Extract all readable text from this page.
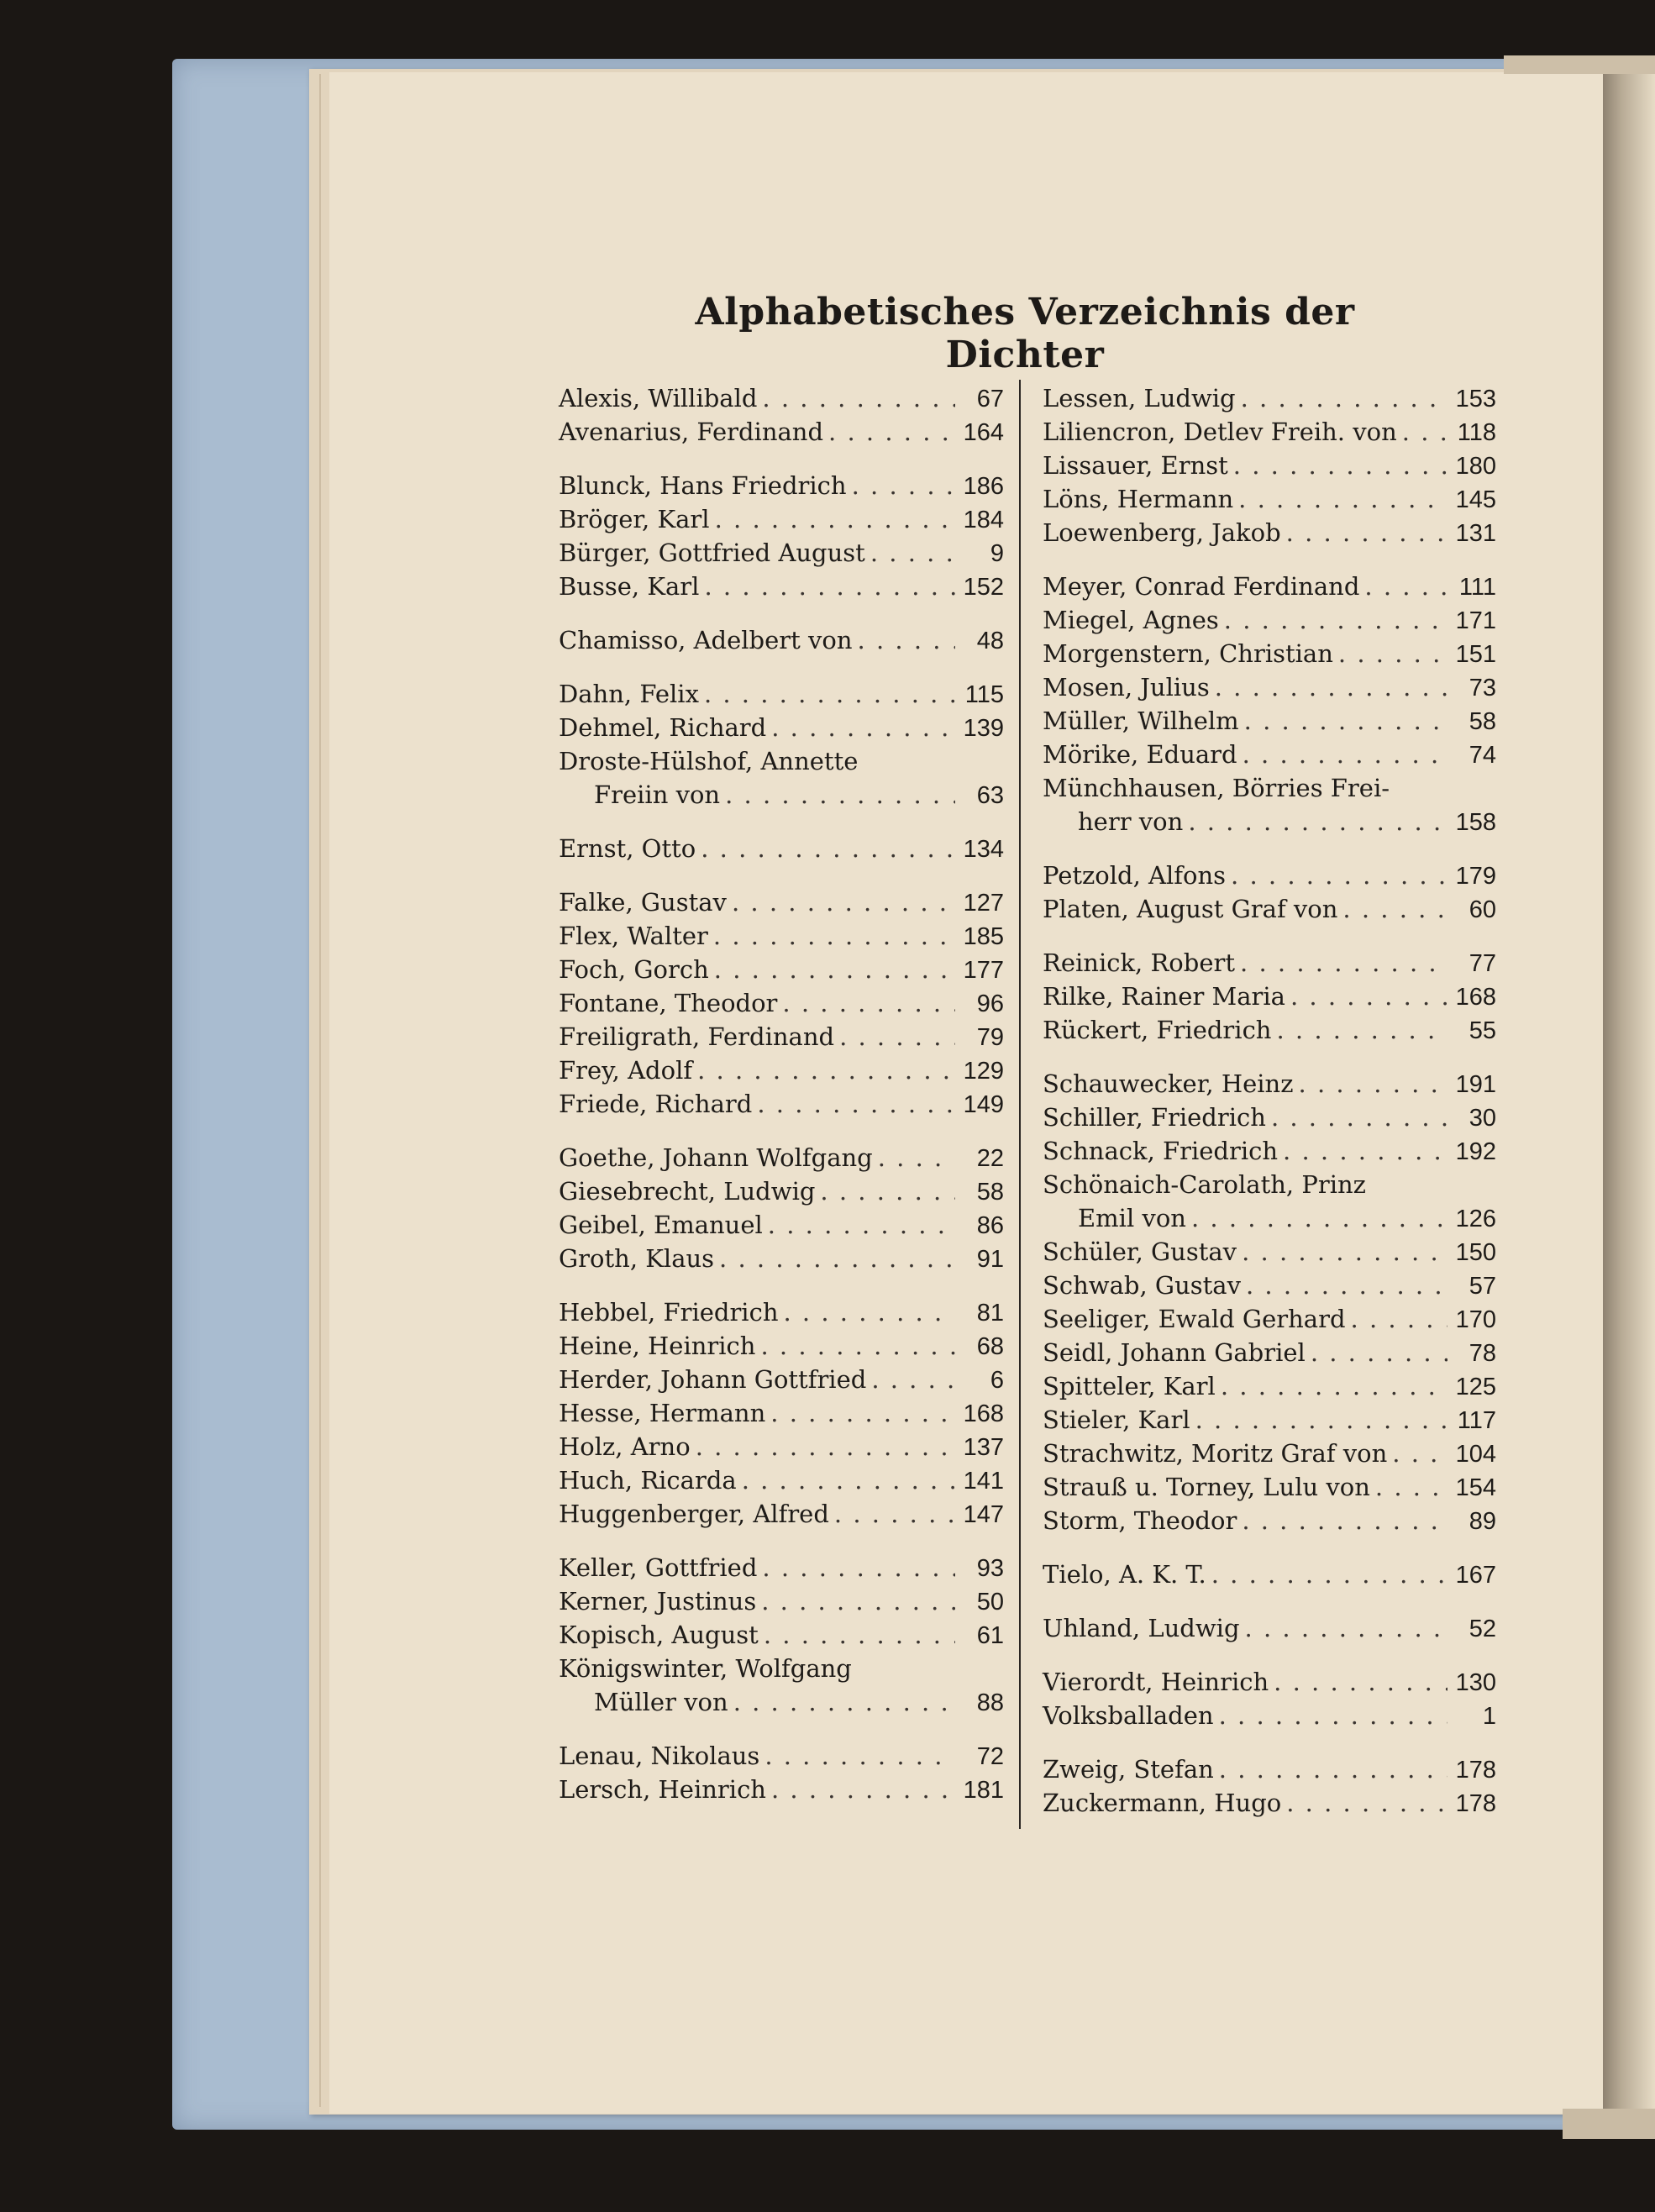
Alphabetisches Verzeichnis der Dichter
Alexis, Willibald . . .	67
Avenarius, Ferdinand . . .	164
Blunck, Hans Friedrich . . .	186
Bröger, Karl . . .	184
Bürger, Gottfried August . . .	9
Busse, Karl . . .	152
Chamisso, Adelbert von . . .	48
Dahn, Felix . . .	115
Dehmel, Richard . . .	139
Droste-Hülshof, Annette
Freiin von . . .	63
Ernst, Otto . . .	134
Falke, Gustav . . .	127
Flex, Walter . . .	185
Foch, Gorch . . .	177
Fontane, Theodor . . .	96
Freiligrath, Ferdinand . . .	79
Frey, Adolf . . .	129
Friede, Richard . . .	149
Goethe, Johann Wolfgang . . .	22
Giesebrecht, Ludwig . . .	58
Geibel, Emanuel . . .	86
Groth, Klaus . . .	91
Hebbel, Friedrich . . .	81
Heine, Heinrich . . .	68
Herder, Johann Gottfried . . .	6
Hesse, Hermann . . .	168
Holz, Arno . . .	137
Huch, Ricarda . . .	141
Huggenberger, Alfred . . .	147
Keller, Gottfried . . .	93
Kerner, Justinus . . .	50
Kopisch, August . . .	61
Königswinter, Wolfgang
Müller von . . .	88
Lenau, Nikolaus . . .	72
Lersch, Heinrich . . .	181
Lessen, Ludwig . . .	153
Liliencron, Detlev Freih. von . . . 118
Lissauer, Ernst . . .	180
Löns, Hermann . . .	145
Loewenberg, Jakob . . .	131
Meyer, Conrad Ferdinand . . .	111
Miegel, Agnes . . .	171
Morgenstern, Christian . . .	151
Mosen, Julius . . .	73
Müller, Wilhelm . . .	58
Mörike, Eduard . . .	74
Münchhausen, Börries Frei-
herr von . . .	158
Petzold, Alfons . . .	179
Platen, August Graf von . . .	60
Reinick, Robert . . .	77
Rilke, Rainer Maria . . .	168
Rückert, Friedrich . . .	55
Schauwecker, Heinz . . .	191
Schiller, Friedrich . . .	30
Schnack, Friedrich . . .	192
Schönaich-Carolath, Prinz
Emil von . . .	126
Schüler, Gustav . . .	150
Schwab, Gustav . . .	57
Seeliger, Ewald Gerhard . . .	170
Seidl, Johann Gabriel . . .	78
Spitteler, Karl . . .	125
Stieler, Karl . . .	117
Strachwitz, Moritz Graf von . . .	104
Strauß u. Torney, Lulu von . . .	154
Storm, Theodor . . .	89
Tielo, A. K. T. . . .	167
Uhland, Ludwig . . .	52
Vierordt, Heinrich . . .	130
Volksballaden . . .	1
Zweig, Stefan . . .	178
Zuckermann, Hugo . . .	178
